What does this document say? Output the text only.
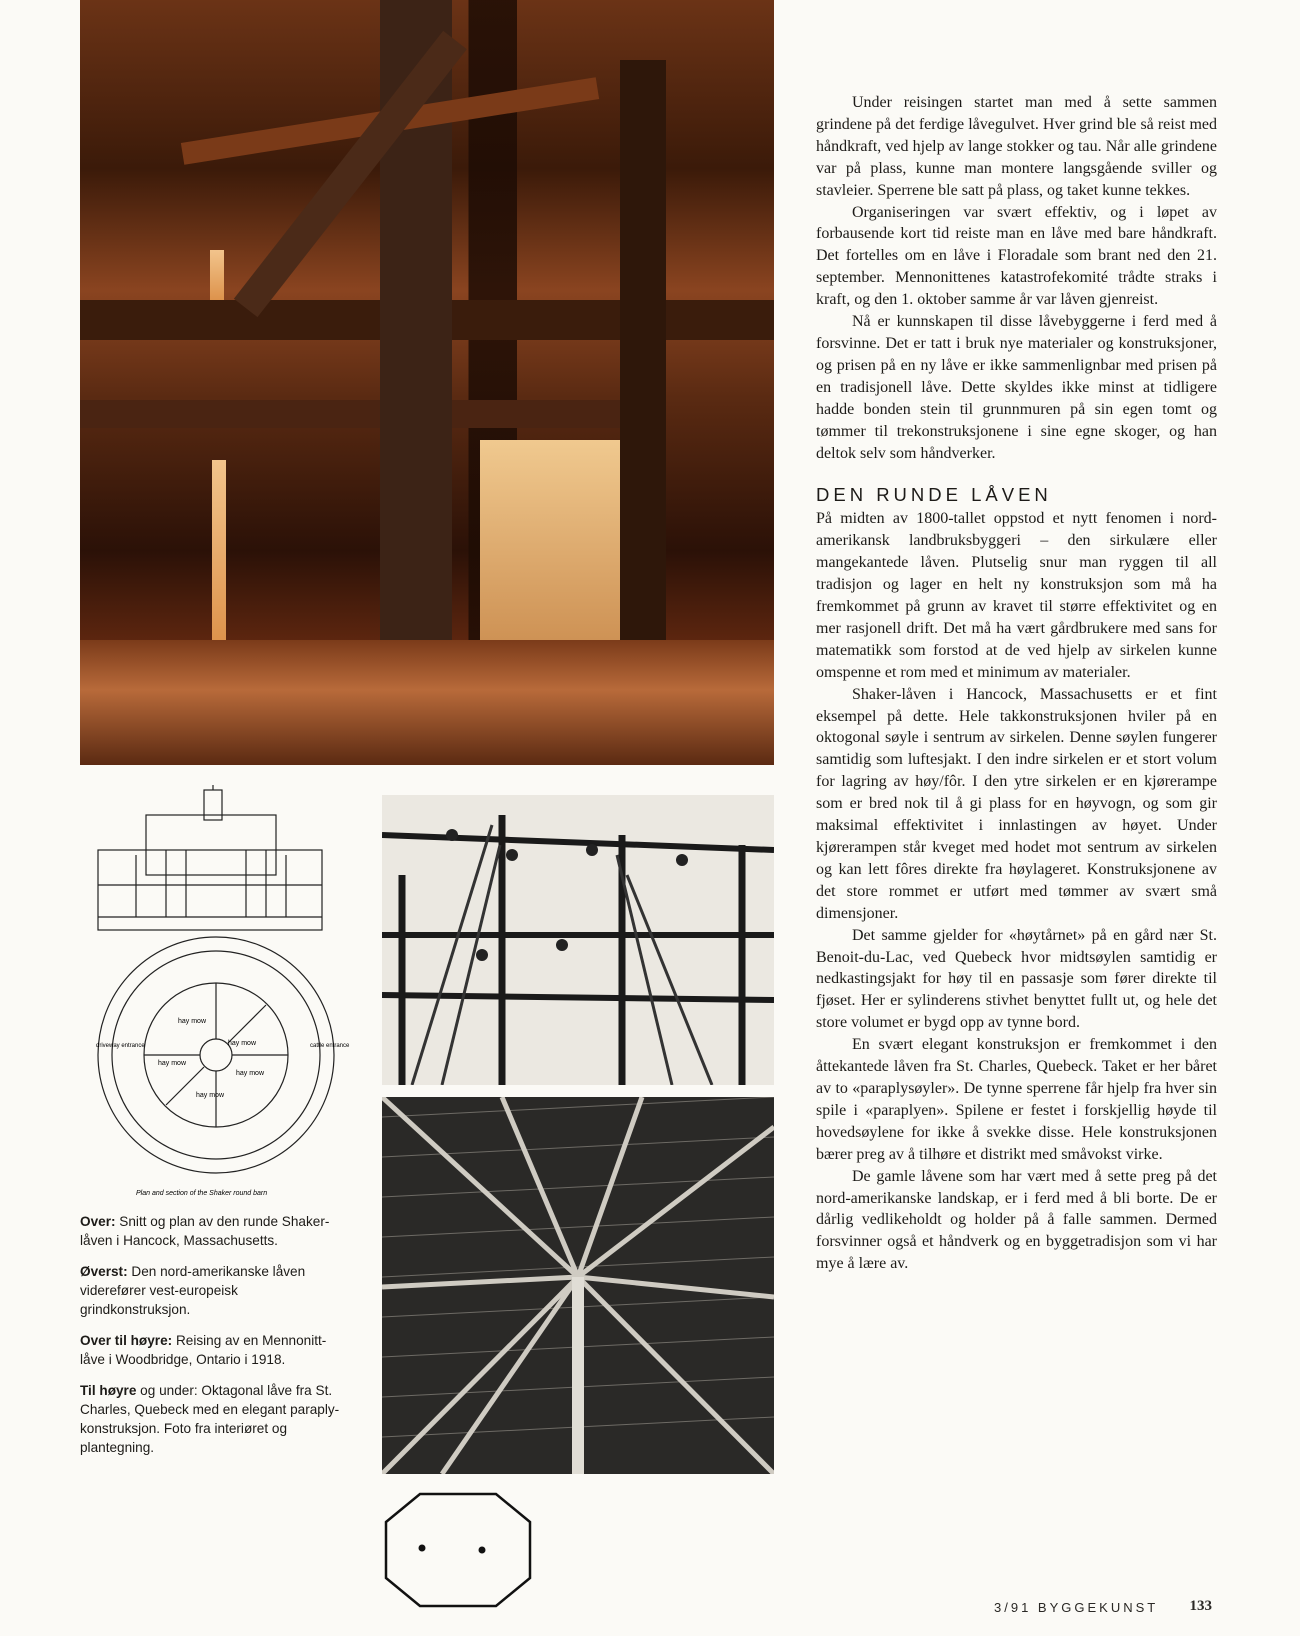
hay mow
hay mow
hay mow
hay mow
hay mow
driveway entrance	cattle entrance
Plan and section of the Shaker round barn

Over: Snitt og plan av den runde Shaker-låven i Hancock, Massachusetts.

Øverst: Den nord-amerikanske låven viderefører vest-europeisk grindkonstruksjon.

Over til høyre: Reising av en Mennonitt-låve i Woodbridge, Ontario i 1918.

Til høyre og under: Oktagonal låve fra St. Charles, Quebeck med en elegant paraply-konstruksjon. Foto fra interiøret og plantegning.

Under reisingen startet man med å sette sammen grindene på det ferdige låvegulvet. Hver grind ble så reist med håndkraft, ved hjelp av lange stokker og tau. Når alle grindene var på plass, kunne man montere langsgående sviller og stavleier. Sperrene ble satt på plass, og taket kunne tekkes.

Organiseringen var svært effektiv, og i løpet av forbausende kort tid reiste man en låve med bare håndkraft. Det fortelles om en låve i Floradale som brant ned den 21. september. Mennonittenes katastrofekomité trådte straks i kraft, og den 1. oktober samme år var låven gjenreist.

Nå er kunnskapen til disse låvebyggerne i ferd med å forsvinne. Det er tatt i bruk nye materialer og konstruksjoner, og prisen på en ny låve er ikke sammenlignbar med prisen på en tradisjonell låve. Dette skyldes ikke minst at tidligere hadde bonden stein til grunnmuren på sin egen tomt og tømmer til trekonstruksjonene i sine egne skoger, og han deltok selv som håndverker.

DEN RUNDE LÅVEN

På midten av 1800-tallet oppstod et nytt fenomen i nord-amerikansk landbruksbyggeri – den sirkulære eller mangekantede låven. Plutselig snur man ryggen til all tradisjon og lager en helt ny konstruksjon som må ha fremkommet på grunn av kravet til større effektivitet og en mer rasjonell drift. Det må ha vært gårdbrukere med sans for matematikk som forstod at de ved hjelp av sirkelen kunne omspenne et rom med et minimum av materialer.

Shaker-låven i Hancock, Massachusetts er et fint eksempel på dette. Hele takkonstruksjonen hviler på en oktogonal søyle i sentrum av sirkelen. Denne søylen fungerer samtidig som luftesjakt. I den indre sirkelen er et stort volum for lagring av høy/fôr. I den ytre sirkelen er en kjørerampe som er bred nok til å gi plass for en høyvogn, og som gir maksimal effektivitet i innlastingen av høyet. Under kjørerampen står kveget med hodet mot sentrum av sirkelen og kan lett fôres direkte fra høylageret. Konstruksjonene av det store rommet er utført med tømmer av svært små dimensjoner.

Det samme gjelder for «høytårnet» på en gård nær St. Benoit-du-Lac, ved Quebeck hvor midtsøylen samtidig er nedkastingsjakt for høy til en passasje som fører direkte til fjøset. Her er sylinderens stivhet benyttet fullt ut, og hele det store volumet er bygd opp av tynne bord.

En svært elegant konstruksjon er fremkommet i den åttekantede låven fra St. Charles, Quebeck. Taket er her båret av to «paraplysøyler». De tynne sperrene får hjelp fra hver sin spile i «paraplyen». Spilene er festet i forskjellig høyde til hovedsøylene for ikke å svekke disse. Hele konstruksjonen bærer preg av å tilhøre et distrikt med småvokst virke.

De gamle låvene som har vært med å sette preg på det nord-amerikanske landskap, er i ferd med å bli borte. De er dårlig vedlikeholdt og holder på å falle sammen. Dermed forsvinner også et håndverk og en byggetradisjon som vi har mye å lære av.

3/91 BYGGEKUNST 133
